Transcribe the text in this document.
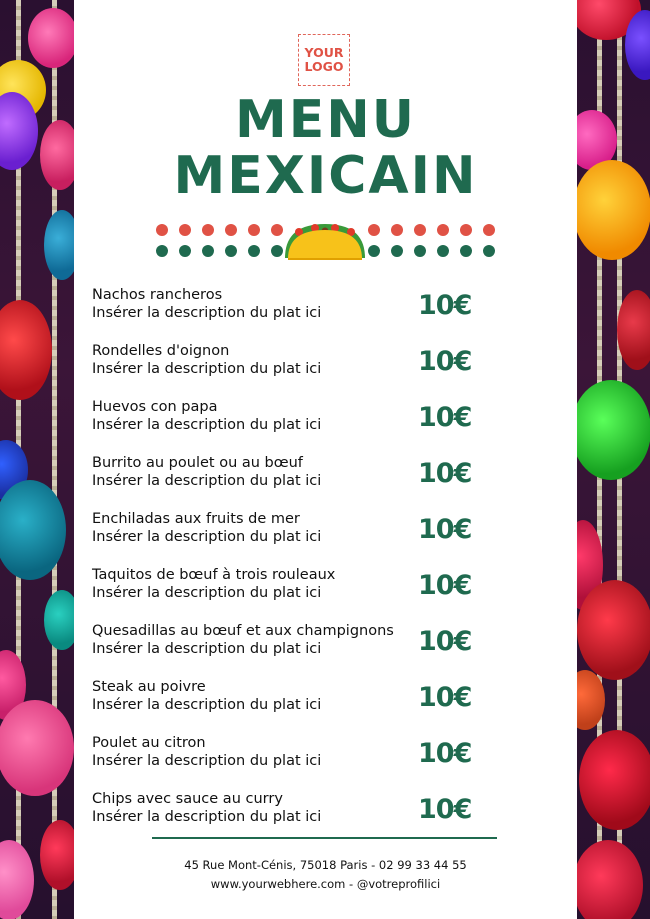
YOUR
LOGO
MENU
MEXICAIN
Nachos rancheros
Insérer la description du plat ici	10€
Rondelles d'oignon
Insérer la description du plat ici	10€
Huevos con papa
Insérer la description du plat ici	10€
Burrito au poulet ou au bœuf
Insérer la description du plat ici	10€
Enchiladas aux fruits de mer
Insérer la description du plat ici	10€
Taquitos de bœuf à trois rouleaux
Insérer la description du plat ici	10€
Quesadillas au bœuf et aux champignons
Insérer la description du plat ici	10€
Steak au poivre
Insérer la description du plat ici	10€
Poulet au citron
Insérer la description du plat ici	10€
Chips avec sauce au curry
Insérer la description du plat ici	10€
45 Rue Mont-Cénis, 75018 Paris - 02 99 33 44 55
www.yourwebhere.com - @votreprofilici
